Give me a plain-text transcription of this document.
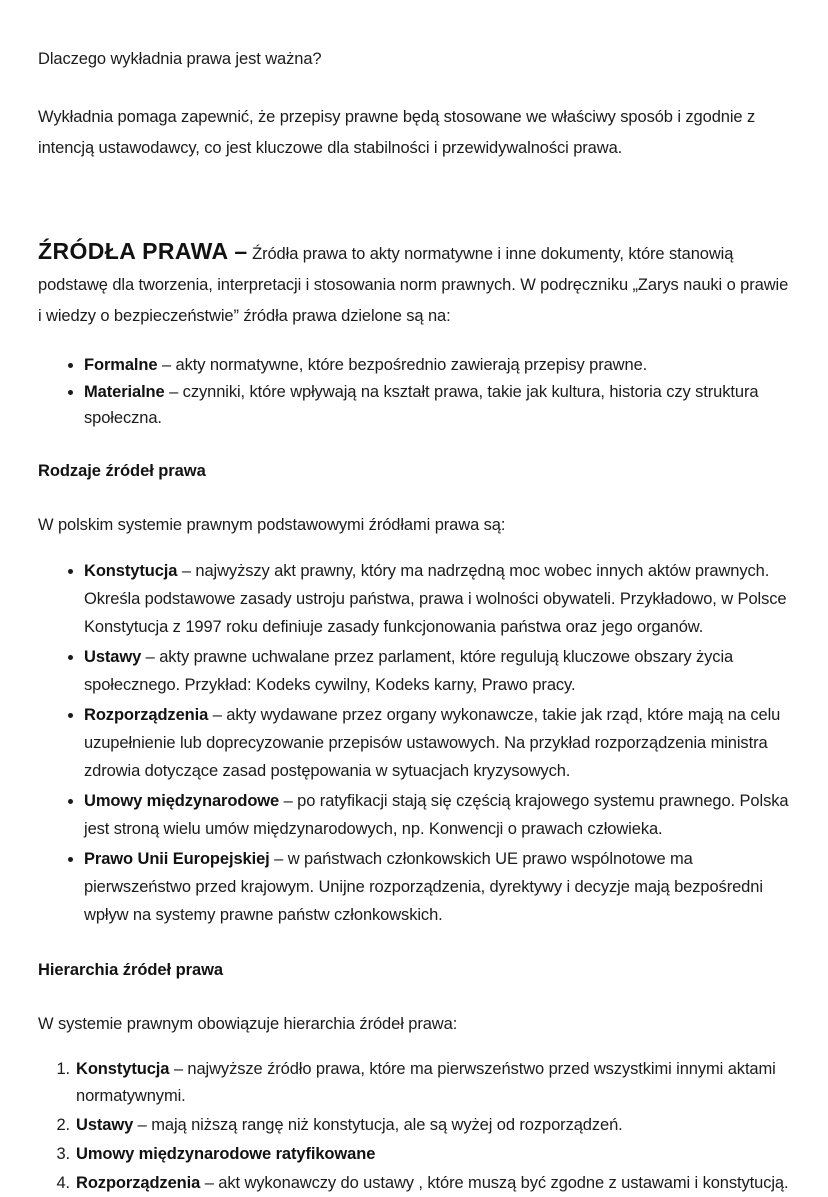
Dlaczego wykładnia prawa jest ważna?

Wykładnia pomaga zapewnić, że przepisy prawne będą stosowane we właściwy sposób i zgodnie z intencją ustawodawcy, co jest kluczowe dla stabilności i przewidywalności prawa.

ŹRÓDŁA PRAWA – Źródła prawa to akty normatywne i inne dokumenty, które stanowią podstawę dla tworzenia, interpretacji i stosowania norm prawnych. W podręczniku „Zarys nauki o prawie i wiedzy o bezpieczeństwie” źródła prawa dzielone są na:

Formalne – akty normatywne, które bezpośrednio zawierają przepisy prawne.
Materialne – czynniki, które wpływają na kształt prawa, takie jak kultura, historia czy struktura społeczna.
Rodzaje źródeł prawa

W polskim systemie prawnym podstawowymi źródłami prawa są:

Konstytucja – najwyższy akt prawny, który ma nadrzędną moc wobec innych aktów prawnych. Określa podstawowe zasady ustroju państwa, prawa i wolności obywateli. Przykładowo, w Polsce Konstytucja z 1997 roku definiuje zasady funkcjonowania państwa oraz jego organów.
Ustawy – akty prawne uchwalane przez parlament, które regulują kluczowe obszary życia społecznego. Przykład: Kodeks cywilny, Kodeks karny, Prawo pracy.
Rozporządzenia – akty wydawane przez organy wykonawcze, takie jak rząd, które mają na celu uzupełnienie lub doprecyzowanie przepisów ustawowych. Na przykład rozporządzenia ministra zdrowia dotyczące zasad postępowania w sytuacjach kryzysowych.
Umowy międzynarodowe – po ratyfikacji stają się częścią krajowego systemu prawnego. Polska jest stroną wielu umów międzynarodowych, np. Konwencji o prawach człowieka.
Prawo Unii Europejskiej – w państwach członkowskich UE prawo wspólnotowe ma pierwszeństwo przed krajowym. Unijne rozporządzenia, dyrektywy i decyzje mają bezpośredni wpływ na systemy prawne państw członkowskich.
Hierarchia źródeł prawa

W systemie prawnym obowiązuje hierarchia źródeł prawa:

Konstytucja – najwyższe źródło prawa, które ma pierwszeństwo przed wszystkimi innymi aktami normatywnymi.
Ustawy – mają niższą rangę niż konstytucja, ale są wyżej od rozporządzeń.
Umowy międzynarodowe ratyfikowane
Rozporządzenia – akt wykonawczy do ustawy , które muszą być zgodne z ustawami i konstytucją.
